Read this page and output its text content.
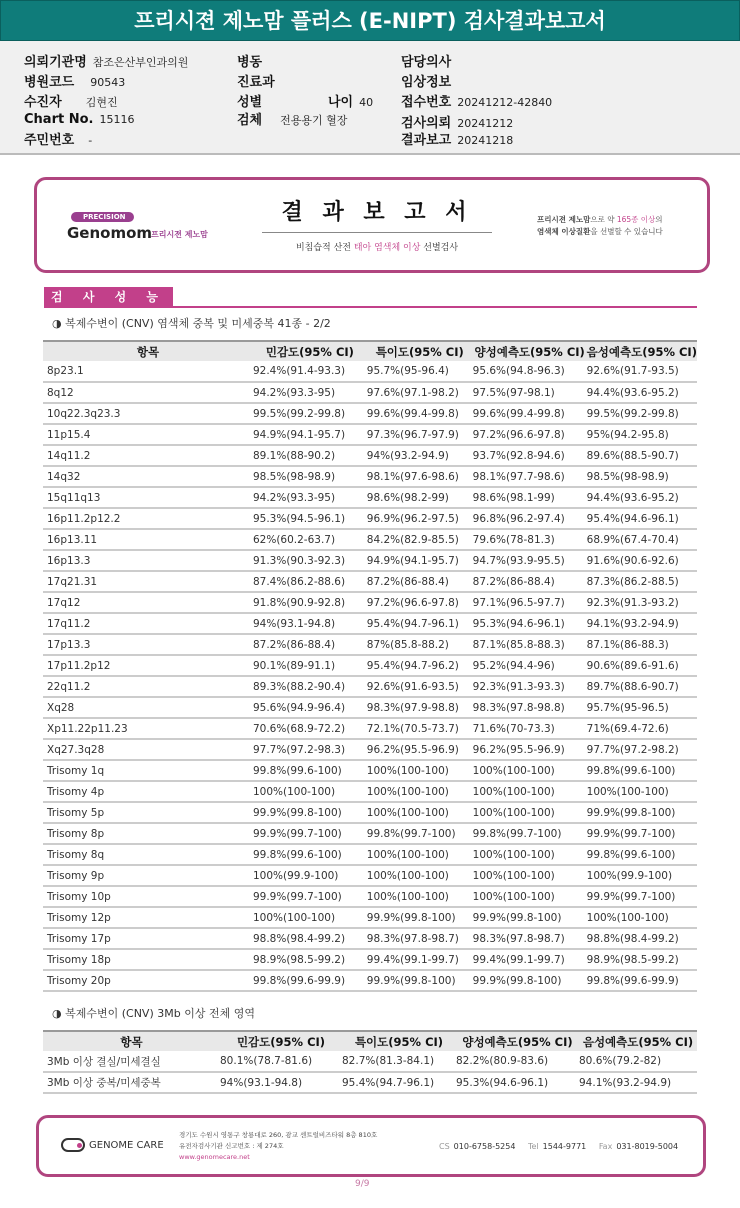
프리시젼 제노맘 플러스 (E-NIPT) 검사결과보고서
의뢰기관명 참조은산부인과의원
병원코드 90543
수진자 김현진
Chart No. 15116
주민번호 -
병동
진료과
성별	나이 40
검체 전용용기 혈장
담당의사
임상정보
접수번호 20241212-42840
검사의뢰 20241212
결과보고 20241218
PRECISION
Genomom
프리시젼 제노맘
결 과 보 고 서
비침습적 산전 태아 염색체 이상 선별검사
프리시젼 제노맘으로 약 165종 이상의
염색체 이상질환을 선별할 수 있습니다
검 사 성 능
◑ 복제수변이 (CNV) 염색체 중복 및 미세중복 41종 - 2/2
항목	민감도(95% CI)	특이도(95% CI)	양성예측도(95% CI)	음성예측도(95% CI)
8p23.1	92.4%(91.4-93.3)	95.7%(95-96.4)	95.6%(94.8-96.3)	92.6%(91.7-93.5)
8q12	94.2%(93.3-95)	97.6%(97.1-98.2)	97.5%(97-98.1)	94.4%(93.6-95.2)
10q22.3q23.3	99.5%(99.2-99.8)	99.6%(99.4-99.8)	99.6%(99.4-99.8)	99.5%(99.2-99.8)
11p15.4	94.9%(94.1-95.7)	97.3%(96.7-97.9)	97.2%(96.6-97.8)	95%(94.2-95.8)
14q11.2	89.1%(88-90.2)	94%(93.2-94.9)	93.7%(92.8-94.6)	89.6%(88.5-90.7)
14q32	98.5%(98-98.9)	98.1%(97.6-98.6)	98.1%(97.7-98.6)	98.5%(98-98.9)
15q11q13	94.2%(93.3-95)	98.6%(98.2-99)	98.6%(98.1-99)	94.4%(93.6-95.2)
16p11.2p12.2	95.3%(94.5-96.1)	96.9%(96.2-97.5)	96.8%(96.2-97.4)	95.4%(94.6-96.1)
16p13.11	62%(60.2-63.7)	84.2%(82.9-85.5)	79.6%(78-81.3)	68.9%(67.4-70.4)
16p13.3	91.3%(90.3-92.3)	94.9%(94.1-95.7)	94.7%(93.9-95.5)	91.6%(90.6-92.6)
17q21.31	87.4%(86.2-88.6)	87.2%(86-88.4)	87.2%(86-88.4)	87.3%(86.2-88.5)
17q12	91.8%(90.9-92.8)	97.2%(96.6-97.8)	97.1%(96.5-97.7)	92.3%(91.3-93.2)
17q11.2	94%(93.1-94.8)	95.4%(94.7-96.1)	95.3%(94.6-96.1)	94.1%(93.2-94.9)
17p13.3	87.2%(86-88.4)	87%(85.8-88.2)	87.1%(85.8-88.3)	87.1%(86-88.3)
17p11.2p12	90.1%(89-91.1)	95.4%(94.7-96.2)	95.2%(94.4-96)	90.6%(89.6-91.6)
22q11.2	89.3%(88.2-90.4)	92.6%(91.6-93.5)	92.3%(91.3-93.3)	89.7%(88.6-90.7)
Xq28	95.6%(94.9-96.4)	98.3%(97.9-98.8)	98.3%(97.8-98.8)	95.7%(95-96.5)
Xp11.22p11.23	70.6%(68.9-72.2)	72.1%(70.5-73.7)	71.6%(70-73.3)	71%(69.4-72.6)
Xq27.3q28	97.7%(97.2-98.3)	96.2%(95.5-96.9)	96.2%(95.5-96.9)	97.7%(97.2-98.2)
Trisomy 1q	99.8%(99.6-100)	100%(100-100)	100%(100-100)	99.8%(99.6-100)
Trisomy 4p	100%(100-100)	100%(100-100)	100%(100-100)	100%(100-100)
Trisomy 5p	99.9%(99.8-100)	100%(100-100)	100%(100-100)	99.9%(99.8-100)
Trisomy 8p	99.9%(99.7-100)	99.8%(99.7-100)	99.8%(99.7-100)	99.9%(99.7-100)
Trisomy 8q	99.8%(99.6-100)	100%(100-100)	100%(100-100)	99.8%(99.6-100)
Trisomy 9p	100%(99.9-100)	100%(100-100)	100%(100-100)	100%(99.9-100)
Trisomy 10p	99.9%(99.7-100)	100%(100-100)	100%(100-100)	99.9%(99.7-100)
Trisomy 12p	100%(100-100)	99.9%(99.8-100)	99.9%(99.8-100)	100%(100-100)
Trisomy 17p	98.8%(98.4-99.2)	98.3%(97.8-98.7)	98.3%(97.8-98.7)	98.8%(98.4-99.2)
Trisomy 18p	98.9%(98.5-99.2)	99.4%(99.1-99.7)	99.4%(99.1-99.7)	98.9%(98.5-99.2)
Trisomy 20p	99.8%(99.6-99.9)	99.9%(99.8-100)	99.9%(99.8-100)	99.8%(99.6-99.9)
◑ 복제수변이 (CNV) 3Mb 이상 전체 영역
항목	민감도(95% CI)	특이도(95% CI)	양성예측도(95% CI)	음성예측도(95% CI)
3Mb 이상 결실/미세결실	80.1%(78.7-81.6)	82.7%(81.3-84.1)	82.2%(80.9-83.6)	80.6%(79.2-82)
3Mb 이상 중복/미세중복	94%(93.1-94.8)	95.4%(94.7-96.1)	95.3%(94.6-96.1)	94.1%(93.2-94.9)
GENOME CARE
경기도 수원시 영통구 창룡대로 260, 광교 센트럴비즈타워 8층 810호
유전자검사기관 신고번호 : 제 274호
www.genomecare.net
CS 010-6758-5254 Tel 1544-9771 Fax 031-8019-5004
9/9
